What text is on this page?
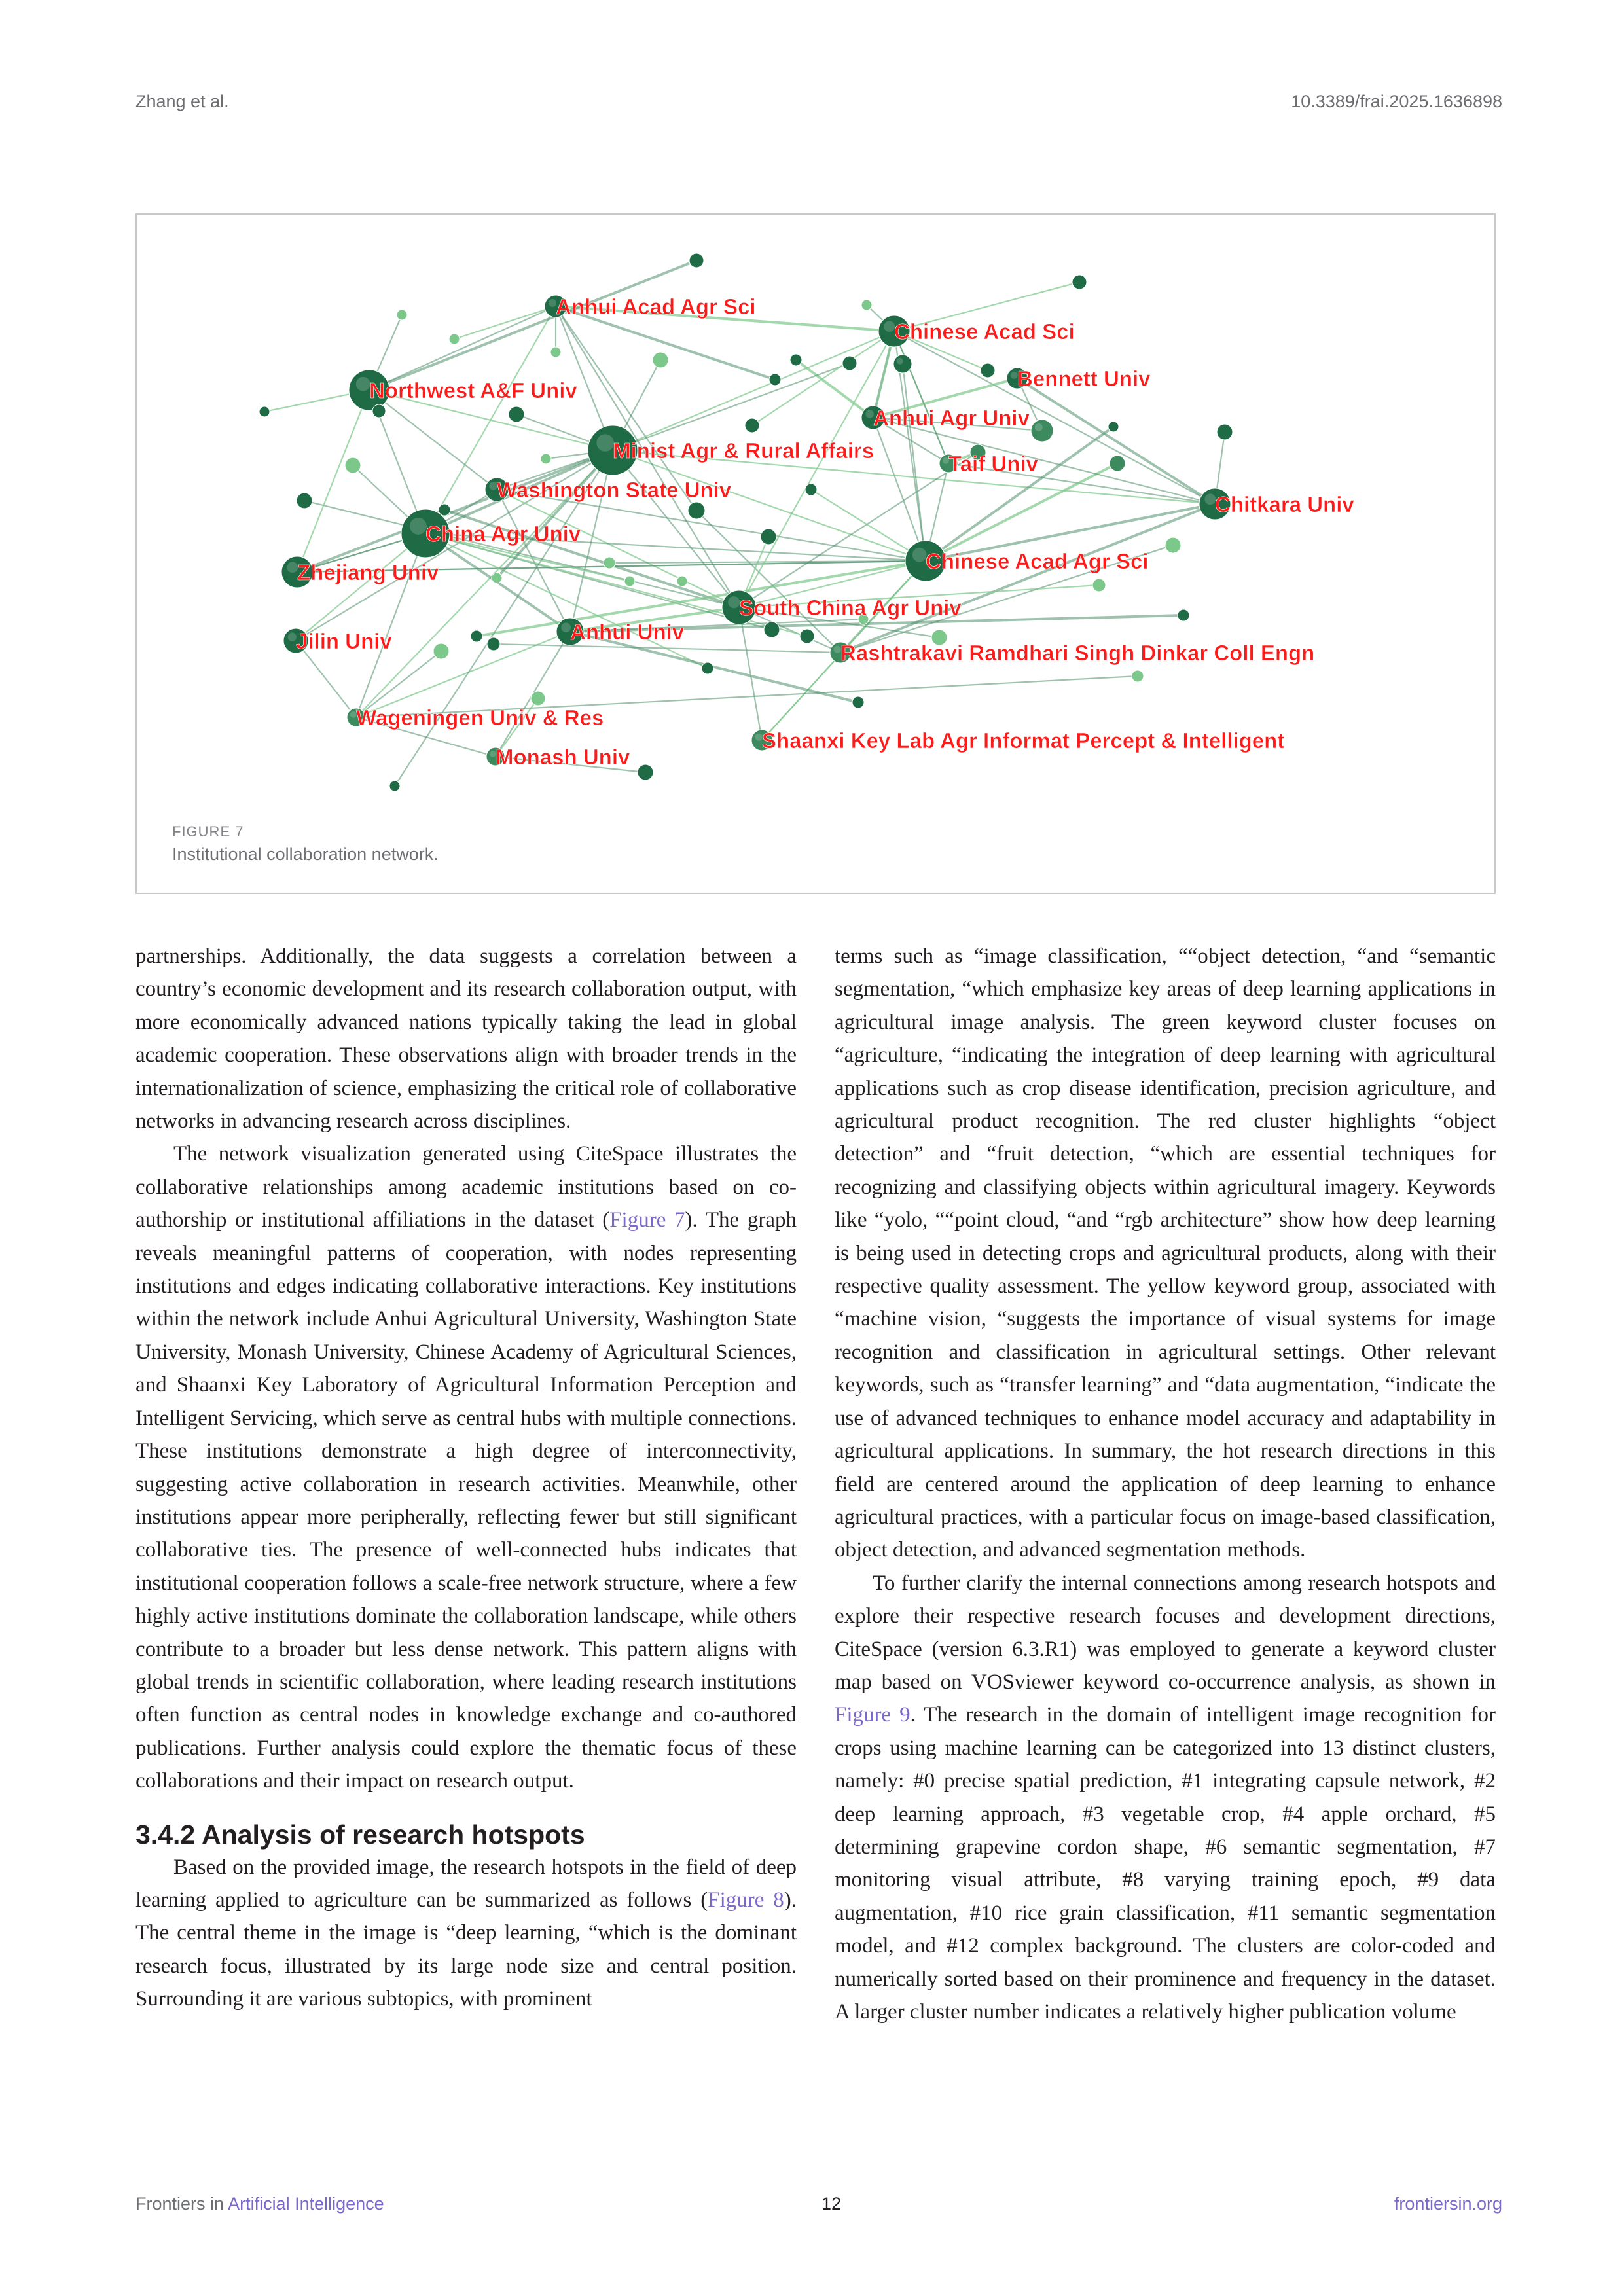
Zhang et al.	10.3389/frai.2025.1636898
Anhui Acad Agr Sci
Chinese Acad Sci
Bennett Univ
Northwest A&F Univ
Anhui Agr Univ
Minist Agr & Rural Affairs
Taif Univ
Washington State Univ
Chitkara Univ
China Agr Univ
Chinese Acad Agr Sci
Zhejiang Univ
South China Agr Univ
Anhui Univ
Jilin Univ	Rashtrakavi Ramdhari Singh Dinkar Coll Engn
Wageningen Univ & Res
Shaanxi Key Lab Agr Informat Percept & Intelligent
Monash Univ
FIGURE 7
Institutional collaboration network.

partnerships. Additionally, the data suggests a correlation between a country’s economic development and its research collaboration output, with more economically advanced nations typically taking the lead in global academic cooperation. These observations align with broader trends in the internationalization of science, emphasizing the critical role of collaborative networks in advancing research across disciplines.

The network visualization generated using CiteSpace illustrates the collaborative relationships among academic institutions based on co-authorship or institutional affiliations in the dataset (Figure 7). The graph reveals meaningful patterns of cooperation, with nodes representing institutions and edges indicating collaborative interactions. Key institutions within the network include Anhui Agricultural University, Washington State University, Monash University, Chinese Academy of Agricultural Sciences, and Shaanxi Key Laboratory of Agricultural Information Perception and Intelligent Servicing, which serve as central hubs with multiple connections. These institutions demonstrate a high degree of interconnectivity, suggesting active collaboration in research activities. Meanwhile, other institutions appear more peripherally, reflecting fewer but still significant collaborative ties. The presence of well-connected hubs indicates that institutional cooperation follows a scale-free network structure, where a few highly active institutions dominate the collaboration landscape, while others contribute to a broader but less dense network. This pattern aligns with global trends in scientific collaboration, where leading research institutions often function as central nodes in knowledge exchange and co-authored publications. Further analysis could explore the thematic focus of these collaborations and their impact on research output.

3.4.2 Analysis of research hotspots

Based on the provided image, the research hotspots in the field of deep learning applied to agriculture can be summarized as follows (Figure 8). The central theme in the image is “deep learning, “which is the dominant research focus, illustrated by its large node size and central position. Surrounding it are various subtopics, with prominent

terms such as “image classification, ““object detection, “and “semantic segmentation, “which emphasize key areas of deep learning applications in agricultural image analysis. The green keyword cluster focuses on “agriculture, “indicating the integration of deep learning with agricultural applications such as crop disease identification, precision agriculture, and agricultural product recognition. The red cluster highlights “object detection” and “fruit detection, “which are essential techniques for recognizing and classifying objects within agricultural imagery. Keywords like “yolo, ““point cloud, “and “rgb architecture” show how deep learning is being used in detecting crops and agricultural products, along with their respective quality assessment. The yellow keyword group, associated with “machine vision, “suggests the importance of visual systems for image recognition and classification in agricultural settings. Other relevant keywords, such as “transfer learning” and “data augmentation, “indicate the use of advanced techniques to enhance model accuracy and adaptability in agricultural applications. In summary, the hot research directions in this field are centered around the application of deep learning to enhance agricultural practices, with a particular focus on image-based classification, object detection, and advanced segmentation methods.

To further clarify the internal connections among research hotspots and explore their respective research focuses and development directions, CiteSpace (version 6.3.R1) was employed to generate a keyword cluster map based on VOSviewer keyword co-occurrence analysis, as shown in Figure 9. The research in the domain of intelligent image recognition for crops using machine learning can be categorized into 13 distinct clusters, namely: #0 precise spatial prediction, #1 integrating capsule network, #2 deep learning approach, #3 vegetable crop, #4 apple orchard, #5 determining grapevine cordon shape, #6 semantic segmentation, #7 monitoring visual attribute, #8 varying training epoch, #9 data augmentation, #10 rice grain classification, #11 semantic segmentation model, and #12 complex background. The clusters are color-coded and numerically sorted based on their prominence and frequency in the dataset. A larger cluster number indicates a relatively higher publication volume

Frontiers in Artificial Intelligence	12	frontiersin.org
